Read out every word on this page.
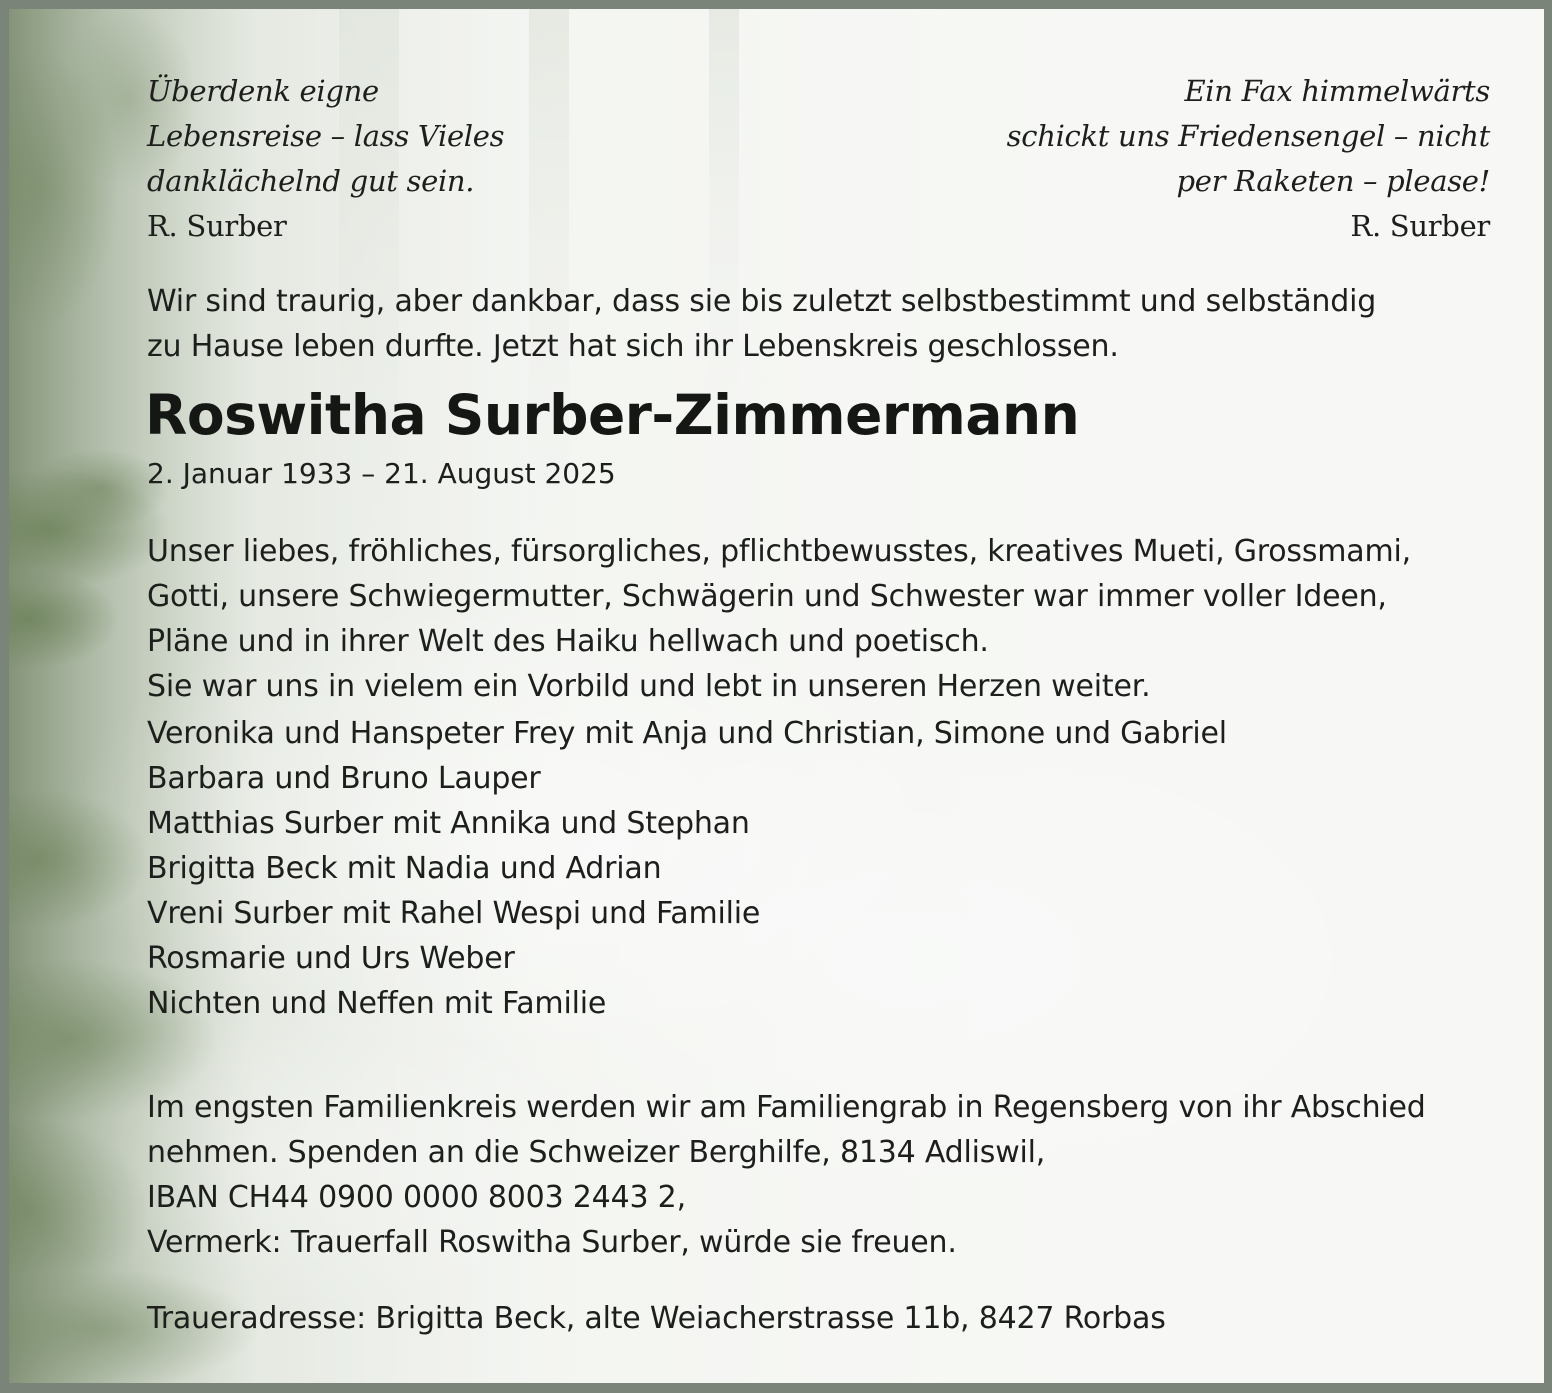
Überdenk eigne
Lebensreise – lass Vieles
danklächelnd gut sein.
R. Surber
Ein Fax himmelwärts
schickt uns Friedensengel – nicht
per Raketen – please!
R. Surber
Wir sind traurig, aber dankbar, dass sie bis zuletzt selbstbestimmt und selbständig
zu Hause leben durfte. Jetzt hat sich ihr Lebenskreis geschlossen.
Roswitha Surber-Zimmermann
2. Januar 1933 – 21. August 2025
Unser liebes, fröhliches, fürsorgliches, pflichtbewusstes, kreatives Mueti, Grossmami,
Gotti, unsere Schwiegermutter, Schwägerin und Schwester war immer voller Ideen,
Pläne und in ihrer Welt des Haiku hellwach und poetisch.
Sie war uns in vielem ein Vorbild und lebt in unseren Herzen weiter.
Veronika und Hanspeter Frey mit Anja und Christian, Simone und Gabriel
Barbara und Bruno Lauper
Matthias Surber mit Annika und Stephan
Brigitta Beck mit Nadia und Adrian
Vreni Surber mit Rahel Wespi und Familie
Rosmarie und Urs Weber
Nichten und Neffen mit Familie
Im engsten Familienkreis werden wir am Familiengrab in Regensberg von ihr Abschied
nehmen. Spenden an die Schweizer Berghilfe, 8134 Adliswil,
IBAN CH44 0900 0000 8003 2443 2,
Vermerk: Trauerfall Roswitha Surber, würde sie freuen.
Traueradresse: Brigitta Beck, alte Weiacherstrasse 11b, 8427 Rorbas
